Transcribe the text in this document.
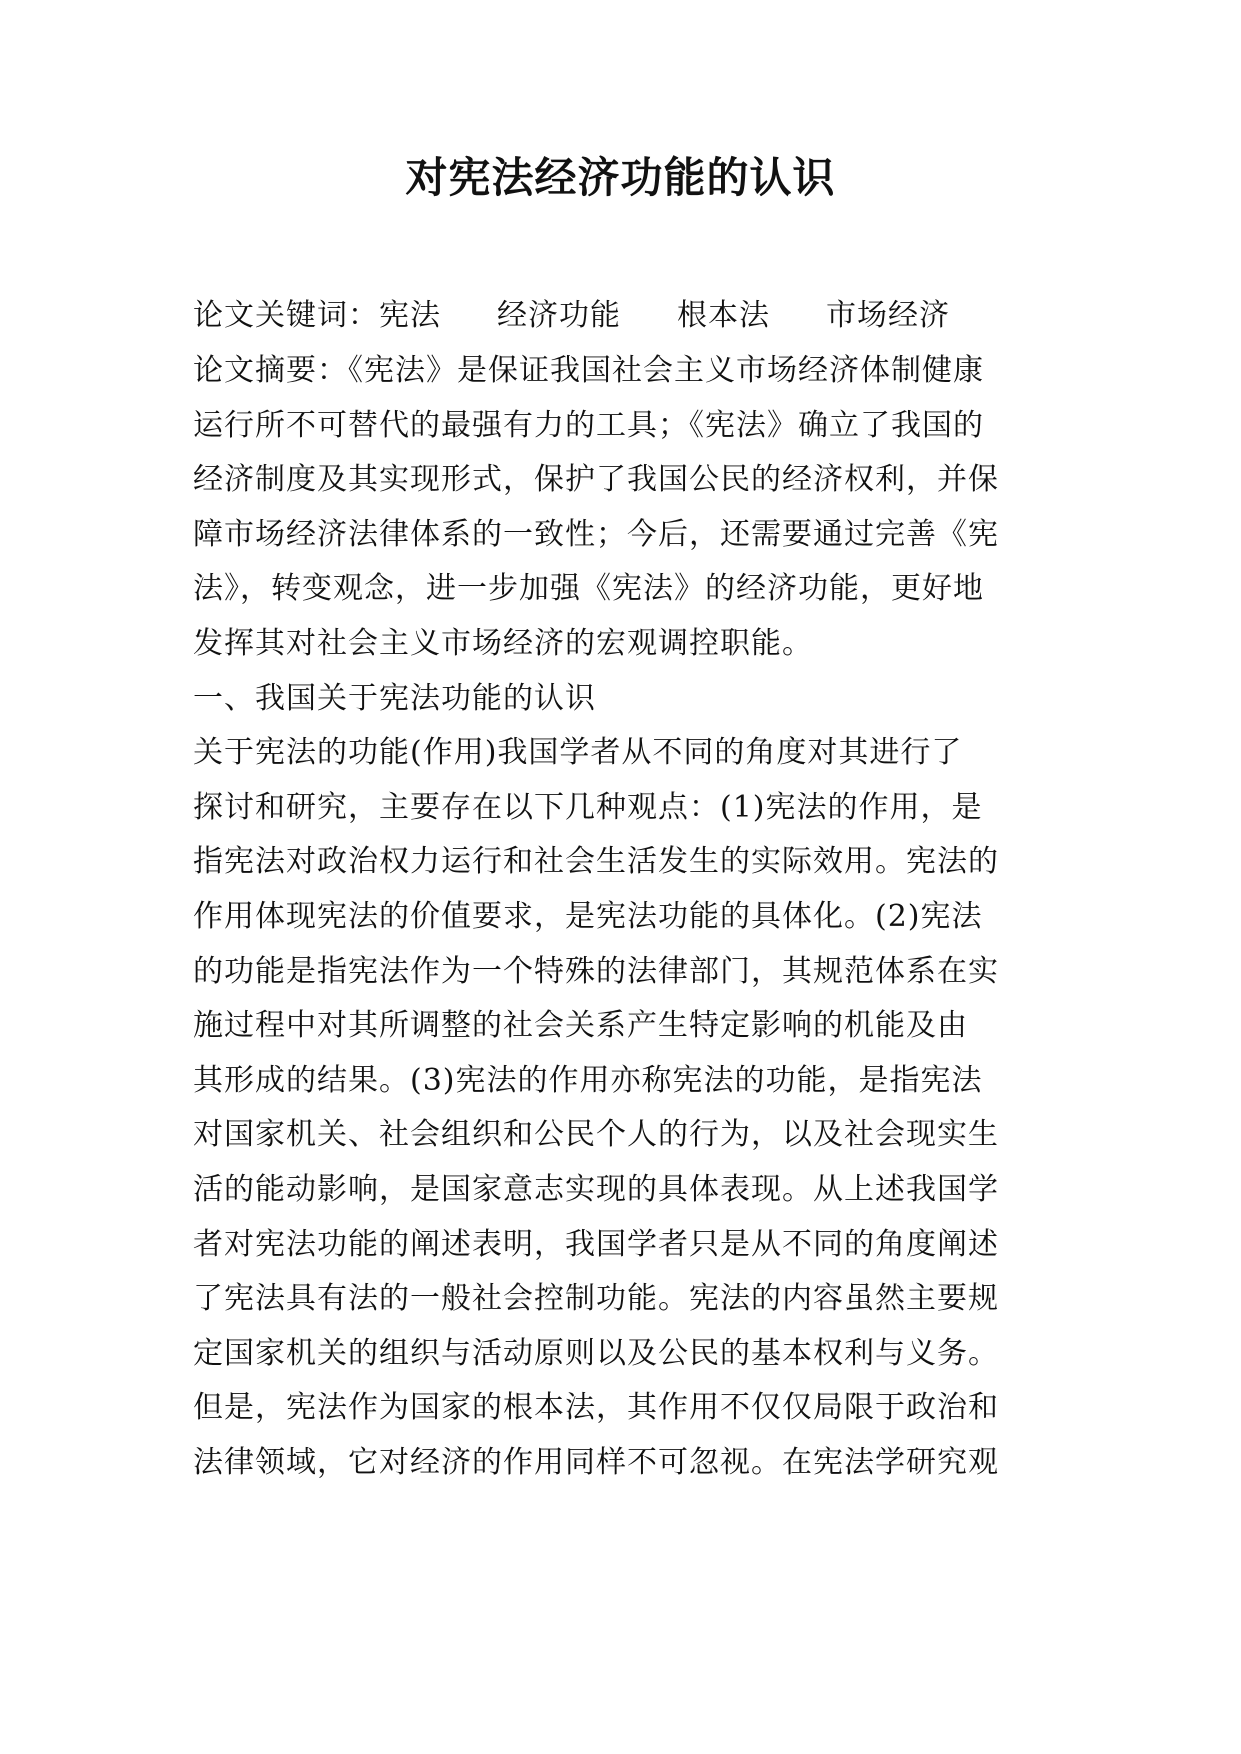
对宪法经济功能的认识
论文关键词：宪法 经济功能 根本法 市场经济

论文摘要：《宪法》是保证我国社会主义市场经济体制健康

运行所不可替代的最强有力的工具；《宪法》确立了我国的

经济制度及其实现形式，保护了我国公民的经济权利，并保

障市场经济法律体系的一致性；今后，还需要通过完善《宪

法》，转变观念，进一步加强《宪法》的经济功能，更好地

发挥其对社会主义市场经济的宏观调控职能。

一、我国关于宪法功能的认识

关于宪法的功能(作用)我国学者从不同的角度对其进行了

探讨和研究，主要存在以下几种观点：(1)宪法的作用，是

指宪法对政治权力运行和社会生活发生的实际效用。宪法的

作用体现宪法的价值要求，是宪法功能的具体化。(2)宪法

的功能是指宪法作为一个特殊的法律部门，其规范体系在实

施过程中对其所调整的社会关系产生特定影响的机能及由

其形成的结果。(3)宪法的作用亦称宪法的功能，是指宪法

对国家机关、社会组织和公民个人的行为，以及社会现实生

活的能动影响，是国家意志实现的具体表现。从上述我国学

者对宪法功能的阐述表明，我国学者只是从不同的角度阐述

了宪法具有法的一般社会控制功能。宪法的内容虽然主要规

定国家机关的组织与活动原则以及公民的基本权利与义务。

但是，宪法作为国家的根本法，其作用不仅仅局限于政治和

法律领域，它对经济的作用同样不可忽视。在宪法学研究观
